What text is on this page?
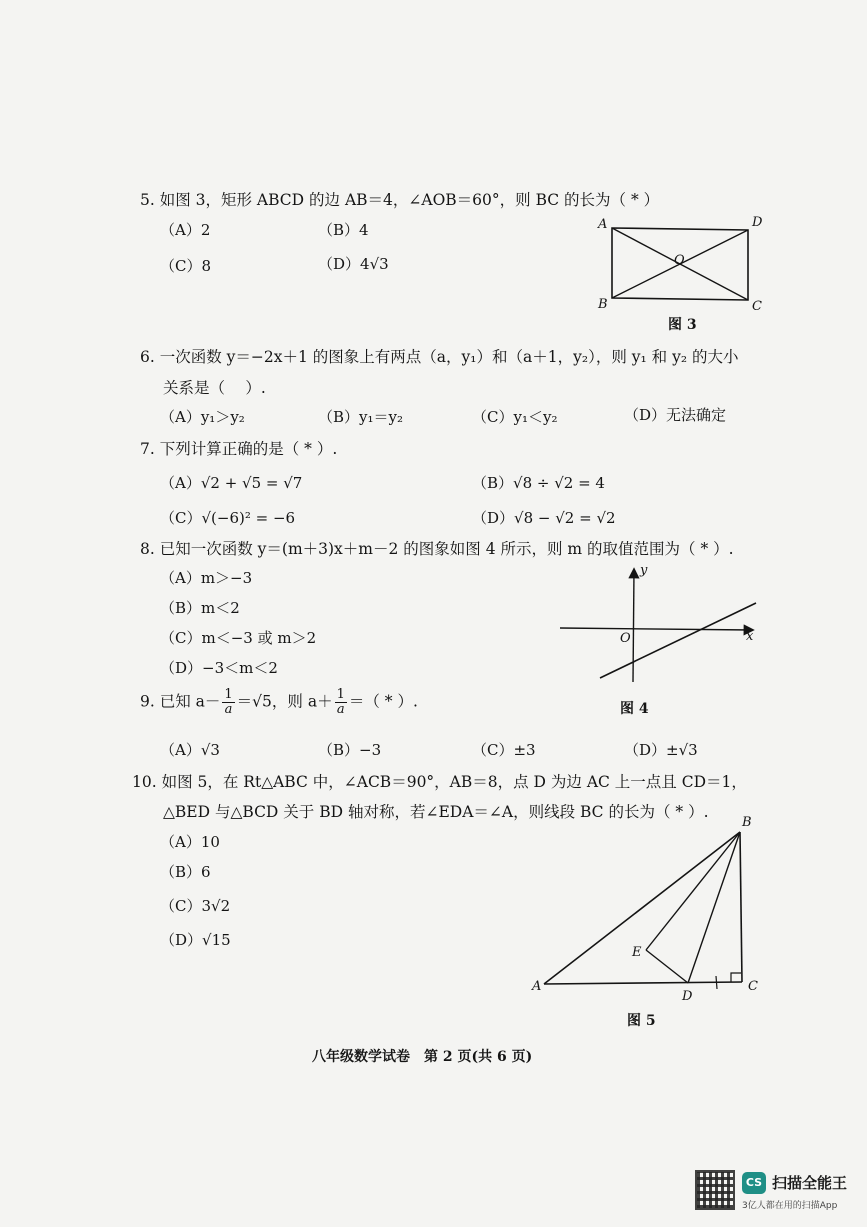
5. 如图 3，矩形 ABCD 的边 AB＝4，∠AOB＝60°，则 BC 的长为（ * ）
（A）2	（B）4
（C）8	（D）4√3
A	D
B	C
O
图 3
6. 一次函数 y＝−2x＋1 的图象上有两点（a，y₁）和（a＋1，y₂），则 y₁ 和 y₂ 的大小
关系是（　 ）.
（A）y₁＞y₂	（B）y₁＝y₂	（C）y₁＜y₂	（D）无法确定
7. 下列计算正确的是（ * ）.
（A）√2 + √5 = √7	（B）√8 ÷ √2 = 4
（C）√(−6)² = −6	（D）√8 − √2 = √2
8. 已知一次函数 y＝(m＋3)x＋m－2 的图象如图 4 所示，则 m 的取值范围为（ * ）.
（A）m＞−3
（B）m＜2
（C）m＜−3 或 m＞2
（D）−3＜m＜2
y
x
O
图 4
9. 已知 $a- \frac{1}{a} =√5$，则 $a+ \frac{1}{a}$ ＝（ * ）.
（A）√3	（B）−3	（C）±3	（D）±√3
10. 如图 5，在 Rt△ABC 中，∠ACB＝90°，AB＝8，点 D 为边 AC 上一点且 CD＝1，
△BED 与△BCD 关于 BD 轴对称，若∠EDA＝∠A，则线段 BC 的长为（ * ）.
（A）10
（B）6
（C）3√2
（D）√15
B
A	C
D
E
图 5
八年级数学试卷　第 2 页(共 6 页)
CS 扫描全能王
3亿人都在用的扫描App
